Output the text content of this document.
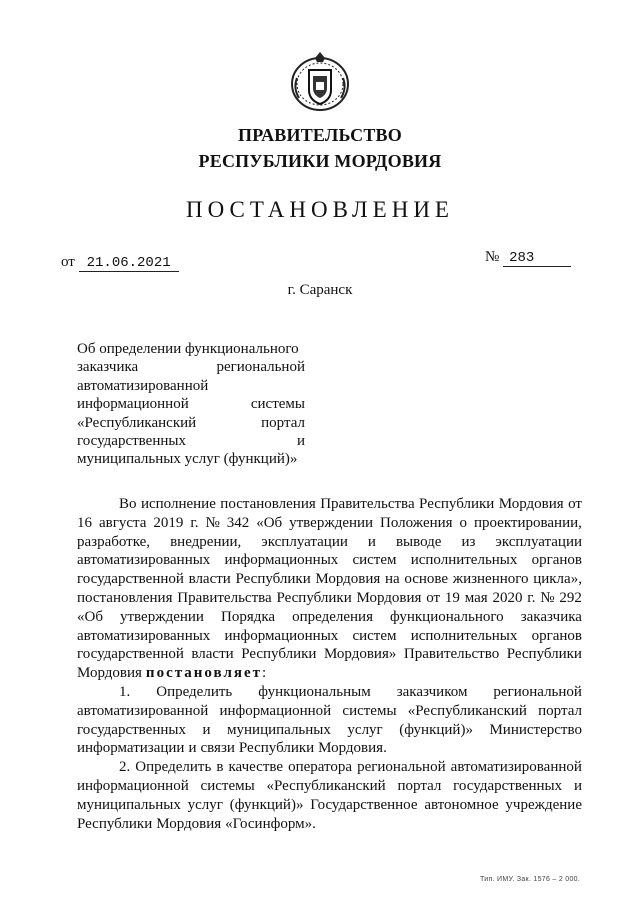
ПРАВИТЕЛЬСТВО
РЕСПУБЛИКИ МОРДОВИЯ
ПОСТАНОВЛЕНИЕ
от 21.06.2021	№ 283
г. Саранск
Об определении функционального
заказчика	региональной
автоматизированной
информационной	системы
«Республиканский	портал
государственных	и
муниципальных услуг (функций)»
Во исполнение постановления Правительства Республики Мордовия от
16 августа 2019 г. № 342 «Об утверждении Положения о проектировании,
разработке, внедрении, эксплуатации и выводе из эксплуатации
автоматизированных информационных систем исполнительных органов
государственной власти Республики Мордовия на основе жизненного цикла»,
постановления Правительства Республики Мордовия от 19 мая 2020 г. № 292
«Об утверждении Порядка определения функционального заказчика
автоматизированных информационных систем исполнительных органов
государственной власти Республики Мордовия» Правительство Республики
Мордовия постановляет :
1. Определить функциональным заказчиком региональной
автоматизированной информационной системы «Республиканский портал
государственных и муниципальных услуг (функций)» Министерство
информатизации и связи Республики Мордовия.
2. Определить в качестве оператора региональной автоматизированной
информационной системы «Республиканский портал государственных и
муниципальных услуг (функций)» Государственное автономное учреждение
Республики Мордовия «Госинформ».
Тип. ИМУ. Зак. 1576 – 2 000.
